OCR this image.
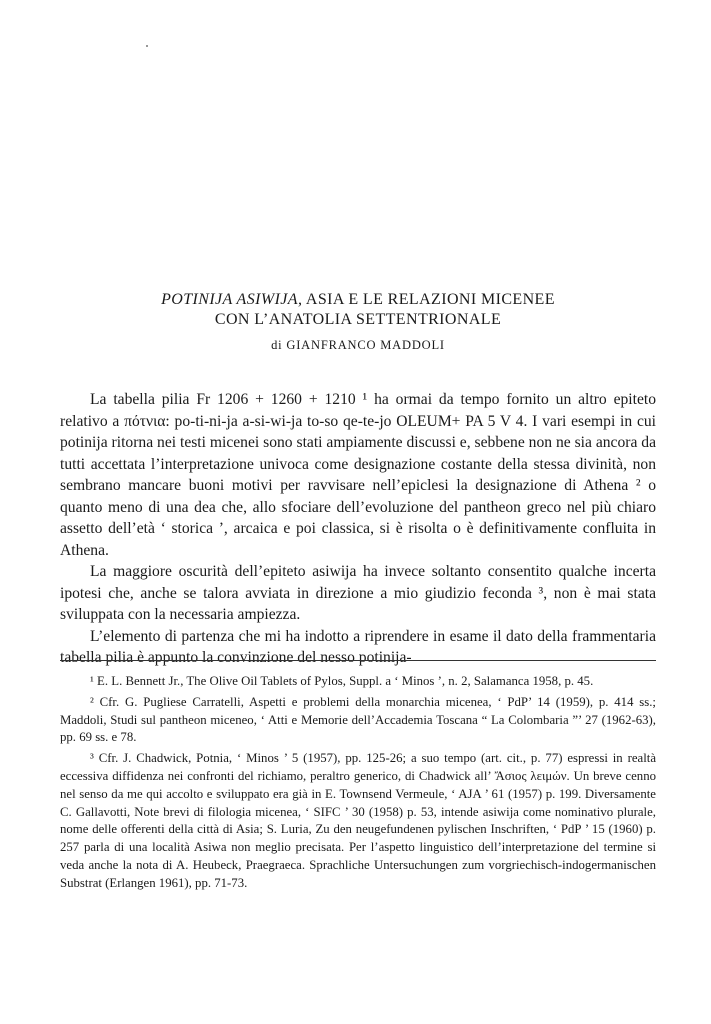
POTINIJA ASIWIJA, ASIA E LE RELAZIONI MICENEE
CON L’ANATOLIA SETTENTRIONALE
di GIANFRANCO MADDOLI

La tabella pilia Fr 1206 + 1260 + 1210 ¹ ha ormai da tempo fornito un altro epiteto relativo a πότνια: po-ti-ni-ja a-si-wi-ja to-so qe-te-jo OLEUM+ PA 5 V 4. I vari esempi in cui potinija ritorna nei testi micenei sono stati ampiamente discussi e, sebbene non ne sia ancora da tutti accettata l’interpretazione univoca come designazione costante della stessa divinità, non sembrano mancare buoni motivi per ravvisare nell’epiclesi la designazione di Athena ² o quanto meno di una dea che, allo sfociare dell’evoluzione del pantheon greco nel più chiaro assetto dell’età ‘ storica ’, arcaica e poi classica, si è risolta o è definitivamente confluita in Athena.

La maggiore oscurità dell’epiteto asiwija ha invece soltanto consentito qualche incerta ipotesi che, anche se talora avviata in direzione a mio giudizio feconda ³, non è mai stata sviluppata con la necessaria ampiezza.

L’elemento di partenza che mi ha indotto a riprendere in esame il dato della frammentaria tabella pilia è appunto la convinzione del nesso potinija-

¹ E. L. Bennett Jr., The Olive Oil Tablets of Pylos, Suppl. a ‘ Minos ’, n. 2, Salamanca 1958, p. 45.

² Cfr. G. Pugliese Carratelli, Aspetti e problemi della monarchia micenea, ‘ PdP’ 14 (1959), p. 414 ss.; Maddoli, Studi sul pantheon miceneo, ‘ Atti e Memorie dell’Accademia Toscana “ La Colombaria ”’ 27 (1962-63), pp. 69 ss. e 78.

³ Cfr. J. Chadwick, Potnia, ‘ Minos ’ 5 (1957), pp. 125-26; a suo tempo (art. cit., p. 77) espressi in realtà eccessiva diffidenza nei confronti del richiamo, peraltro generico, di Chadwick all’ Ἄσιος λειμών. Un breve cenno nel senso da me qui accolto e sviluppato era già in E. Townsend Vermeule, ‘ AJA ’ 61 (1957) p. 199. Diversamente C. Gallavotti, Note brevi di filologia micenea, ‘ SIFC ’ 30 (1958) p. 53, intende asiwija come nominativo plurale, nome delle offerenti della città di Asia; S. Luria, Zu den neugefundenen pylischen Inschriften, ‘ PdP ’ 15 (1960) p. 257 parla di una località Asiwa non meglio precisata. Per l’aspetto linguistico dell’interpretazione del termine si veda anche la nota di A. Heubeck, Praegraeca. Sprachliche Untersuchungen zum vorgriechisch-indogermanischen Substrat (Erlangen 1961), pp. 71-73.
